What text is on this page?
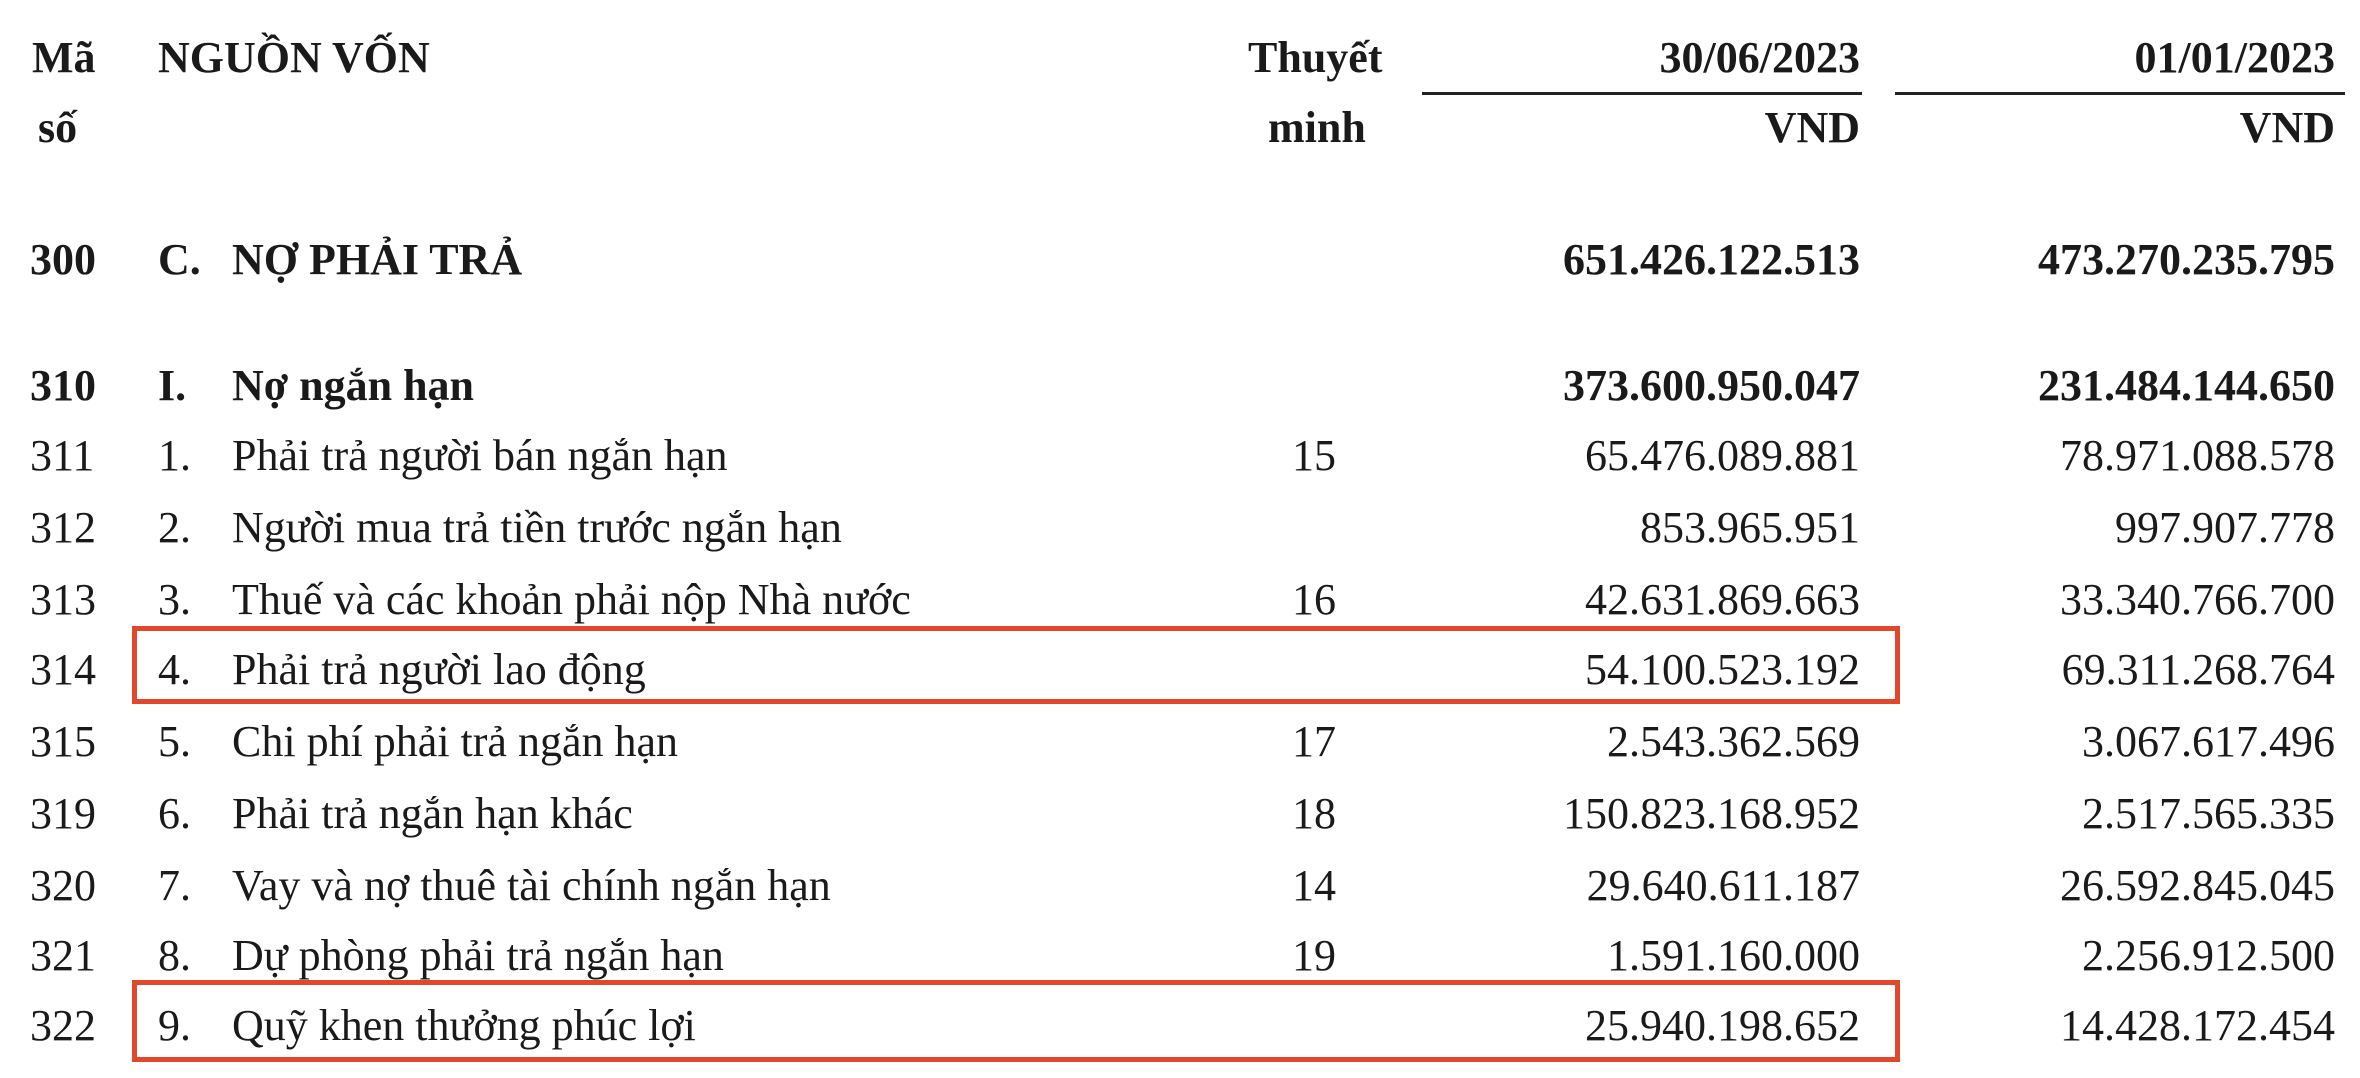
Mã
số
NGUỒN VỐN	Thuyết
minh
30/06/2023
VND
01/01/2023
VND
300 C. NỢ PHẢI TRẢ	651.426.122.513	473.270.235.795
310 I. Nợ ngắn hạn	373.600.950.047	231.484.144.650
311 1. Phải trả người bán ngắn hạn	15	65.476.089.881	78.971.088.578
312 2. Người mua trả tiền trước ngắn hạn	853.965.951	997.907.778
313 3. Thuế và các khoản phải nộp Nhà nước	16	42.631.869.663	33.340.766.700
314 4. Phải trả người lao động	54.100.523.192	69.311.268.764
315 5. Chi phí phải trả ngắn hạn	17	2.543.362.569	3.067.617.496
319 6. Phải trả ngắn hạn khác	18	150.823.168.952	2.517.565.335
320 7. Vay và nợ thuê tài chính ngắn hạn	14	29.640.611.187	26.592.845.045
321 8. Dự phòng phải trả ngắn hạn	19	1.591.160.000	2.256.912.500
322 9. Quỹ khen thưởng phúc lợi	25.940.198.652	14.428.172.454
